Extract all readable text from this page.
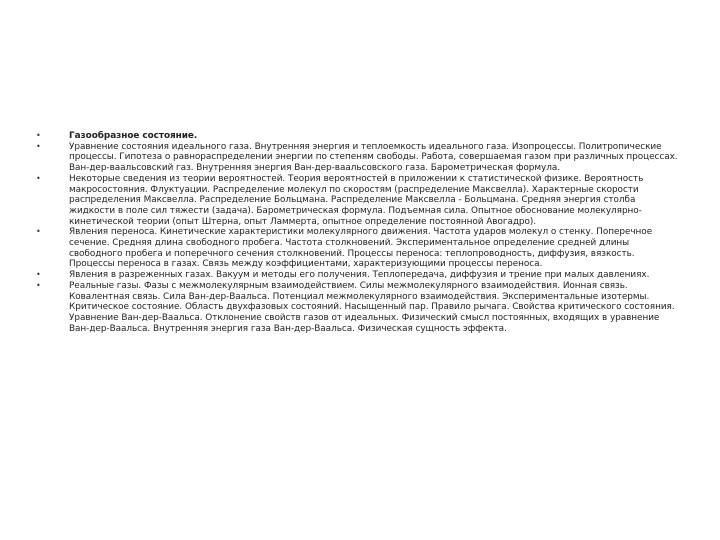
•	Газообразное состояние.
•	Уравнение состояния идеального газа. Внутренняя энергия и теплоемкость идеального газа. Изопроцессы. Политропические процессы. Гипотеза о равнораспределении энергии по степеням свободы. Работа, совершаемая газом при различных процессах. Ван-дер-ваальсовский газ. Внутренняя энергия Ван-дер-ваальсовского газа. Барометрическая формула.
•	Некоторые сведения из теории вероятностей. Теория вероятностей в приложении к статистической физике. Вероятность макросостояния. Флуктуации. Распределение молекул по скоростям (распределение Максвелла). Характерные скорости распределения Максвелла. Распределение Больцмана. Распределение Максвелла - Больцмана. Средняя энергия столба жидкости в поле сил тяжести (задача). Барометрическая формула. Подъемная сила. Опытное обоснование молекулярно-кинетической теории (опыт Штерна, опыт Ламмерта, опытное определение постоянной Авогадро).
•	Явления переноса. Кинетические характеристики молекулярного движения. Частота ударов молекул о стенку. Поперечное сечение. Средняя длина свободного пробега. Частота столкновений. Экспериментальное определение средней длины свободного пробега и поперечного сечения столкновений. Процессы переноса: теплопроводность, диффузия, вязкость. Процессы переноса в газах. Связь между коэффициентами, характеризующими процессы переноса.
•	Явления в разреженных газах. Вакуум и методы его получения. Теплопередача, диффузия и трение при малых давлениях.
•	Реальные газы. Фазы с межмолекулярным взаимодействием. Силы межмолекулярного взаимодействия. Ионная связь. Ковалентная связь. Сила Ван-дер-Ваальса. Потенциал межмолекулярного взаимодействия. Экспериментальные изотермы. Критическое состояние. Область двухфазовых состояний. Насыщенный пар. Правило рычага. Свойства критического состояния. Уравнение Ван-дер-Ваальса. Отклонение свойств газов от идеальных. Физический смысл постоянных, входящих в уравнение Ван-дер-Ваальса. Внутренняя энергия газа Ван-дер-Ваальса. Физическая сущность эффекта.
